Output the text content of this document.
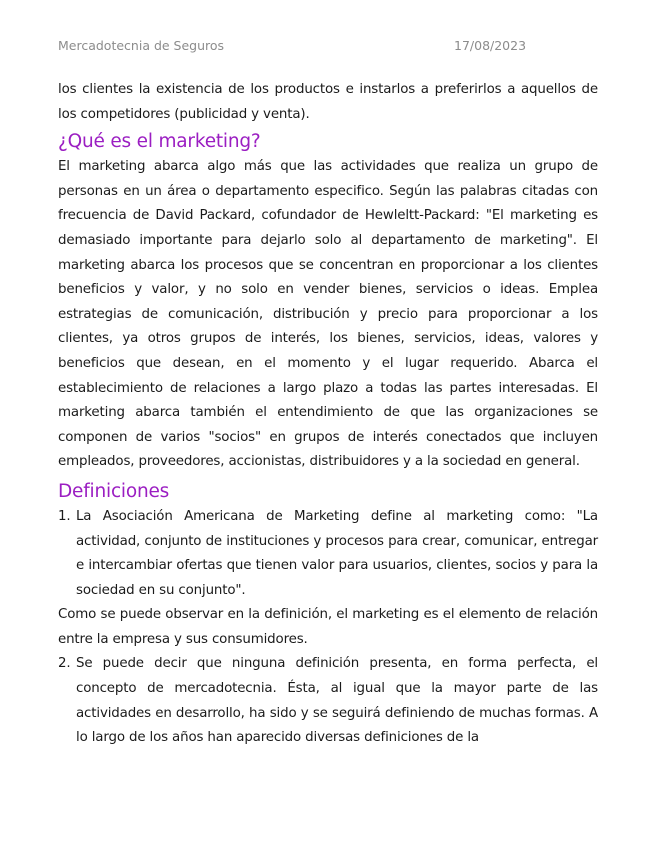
Mercadotecnia de Seguros	17/08/2023

los clientes la existencia de los productos e instarlos a preferirlos a aquellos de los competidores (publicidad y venta).

¿Qué es el marketing?

El marketing abarca algo más que las actividades que realiza un grupo de personas en un área o departamento especifico. Según las palabras citadas con frecuencia de David Packard, cofundador de Hewleltt-Packard: "El marketing es demasiado importante para dejarlo solo al departamento de marketing". El marketing abarca los procesos que se concentran en proporcionar a los clientes beneficios y valor, y no solo en vender bienes, servicios o ideas. Emplea estrategias de comunicación, distribución y precio para proporcionar a los clientes, ya otros grupos de interés, los bienes, servicios, ideas, valores y beneficios que desean, en el momento y el lugar requerido. Abarca el establecimiento de relaciones a largo plazo a todas las partes interesadas. El marketing abarca también el entendimiento de que las organizaciones se componen de varios "socios" en grupos de interés conectados que incluyen empleados, proveedores, accionistas, distribuidores y a la sociedad en general.

Definiciones
1. La Asociación Americana de Marketing define al marketing como: "La actividad, conjunto de instituciones y procesos para crear, comunicar, entregar e intercambiar ofertas que tienen valor para usuarios, clientes, socios y para la sociedad en su conjunto".

Como se puede observar en la definición, el marketing es el elemento de relación entre la empresa y sus consumidores.

2. Se puede decir que ninguna definición presenta, en forma perfecta, el concepto de mercadotecnia. Ésta, al igual que la mayor parte de las actividades en desarrollo, ha sido y se seguirá definiendo de muchas formas. A lo largo de los años han aparecido diversas definiciones de la
